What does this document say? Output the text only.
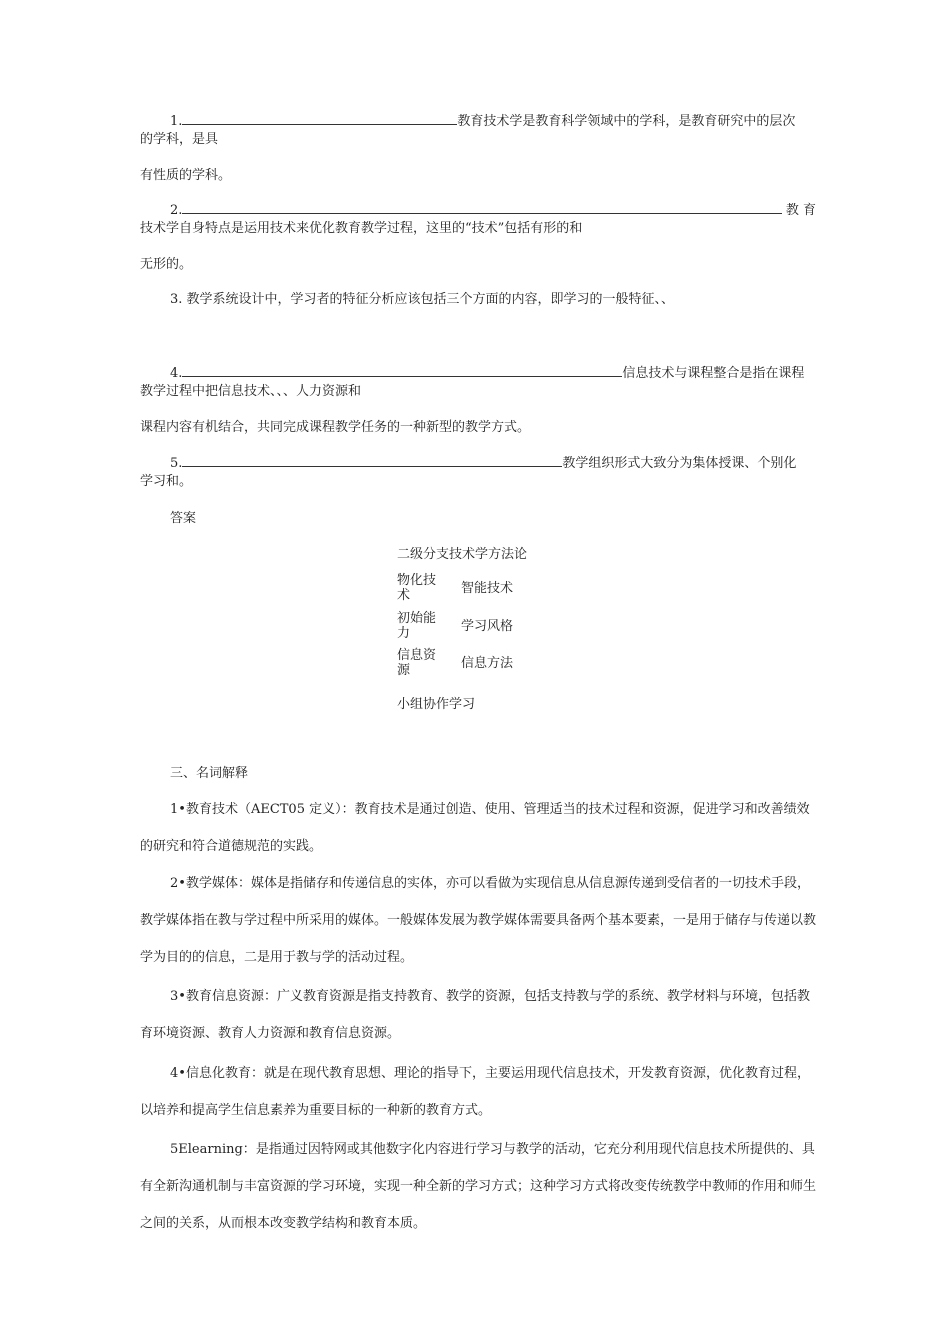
1.	教育技术学是教育科学领域中的学科，是教育研究中的层次
的学科，是具
有性质的学科。
2.	教 育
技术学自身特点是运用技术来优化教育教学过程，这里的“技术”包括有形的和
无形的。
3. 教学系统设计中，学习者的特征分析应该包括三个方面的内容，即学习的一般特征、、
4.	信息技术与课程整合是指在课程
教学过程中把信息技术、、、人力资源和
课程内容有机结合，共同完成课程教学任务的一种新型的教学方式。
5.	教学组织形式大致分为集体授课、个别化
学习和。
答案
二级分支技术学方法论
物化技术	智能技术
初始能力	学习风格
信息资源	信息方法
小组协作学习
三、名词解释
1•教育技术（AECT05 定义）：教育技术是通过创造、使用、管理适当的技术过程和资源，促进学习和改善绩效的研究和符合道德规范的实践。
2•教学媒体：媒体是指储存和传递信息的实体，亦可以看做为实现信息从信息源传递到受信者的一切技术手段，教学媒体指在教与学过程中所采用的媒体。一般媒体发展为教学媒体需要具备两个基本要素，一是用于储存与传递以教学为目的的信息，二是用于教与学的活动过程。
3•教育信息资源：广义教育资源是指支持教育、教学的资源，包括支持教与学的系统、教学材料与环境，包括教育环境资源、教育人力资源和教育信息资源。
4•信息化教育：就是在现代教育思想、理论的指导下，主要运用现代信息技术，开发教育资源，优化教育过程，以培养和提高学生信息素养为重要目标的一种新的教育方式。
5Elearning：是指通过因特网或其他数字化内容进行学习与教学的活动，它充分利用现代信息技术所提供的、具有全新沟通机制与丰富资源的学习环境，实现一种全新的学习方式；这种学习方式将改变传统教学中教师的作用和师生之间的关系，从而根本改变教学结构和教育本质。
